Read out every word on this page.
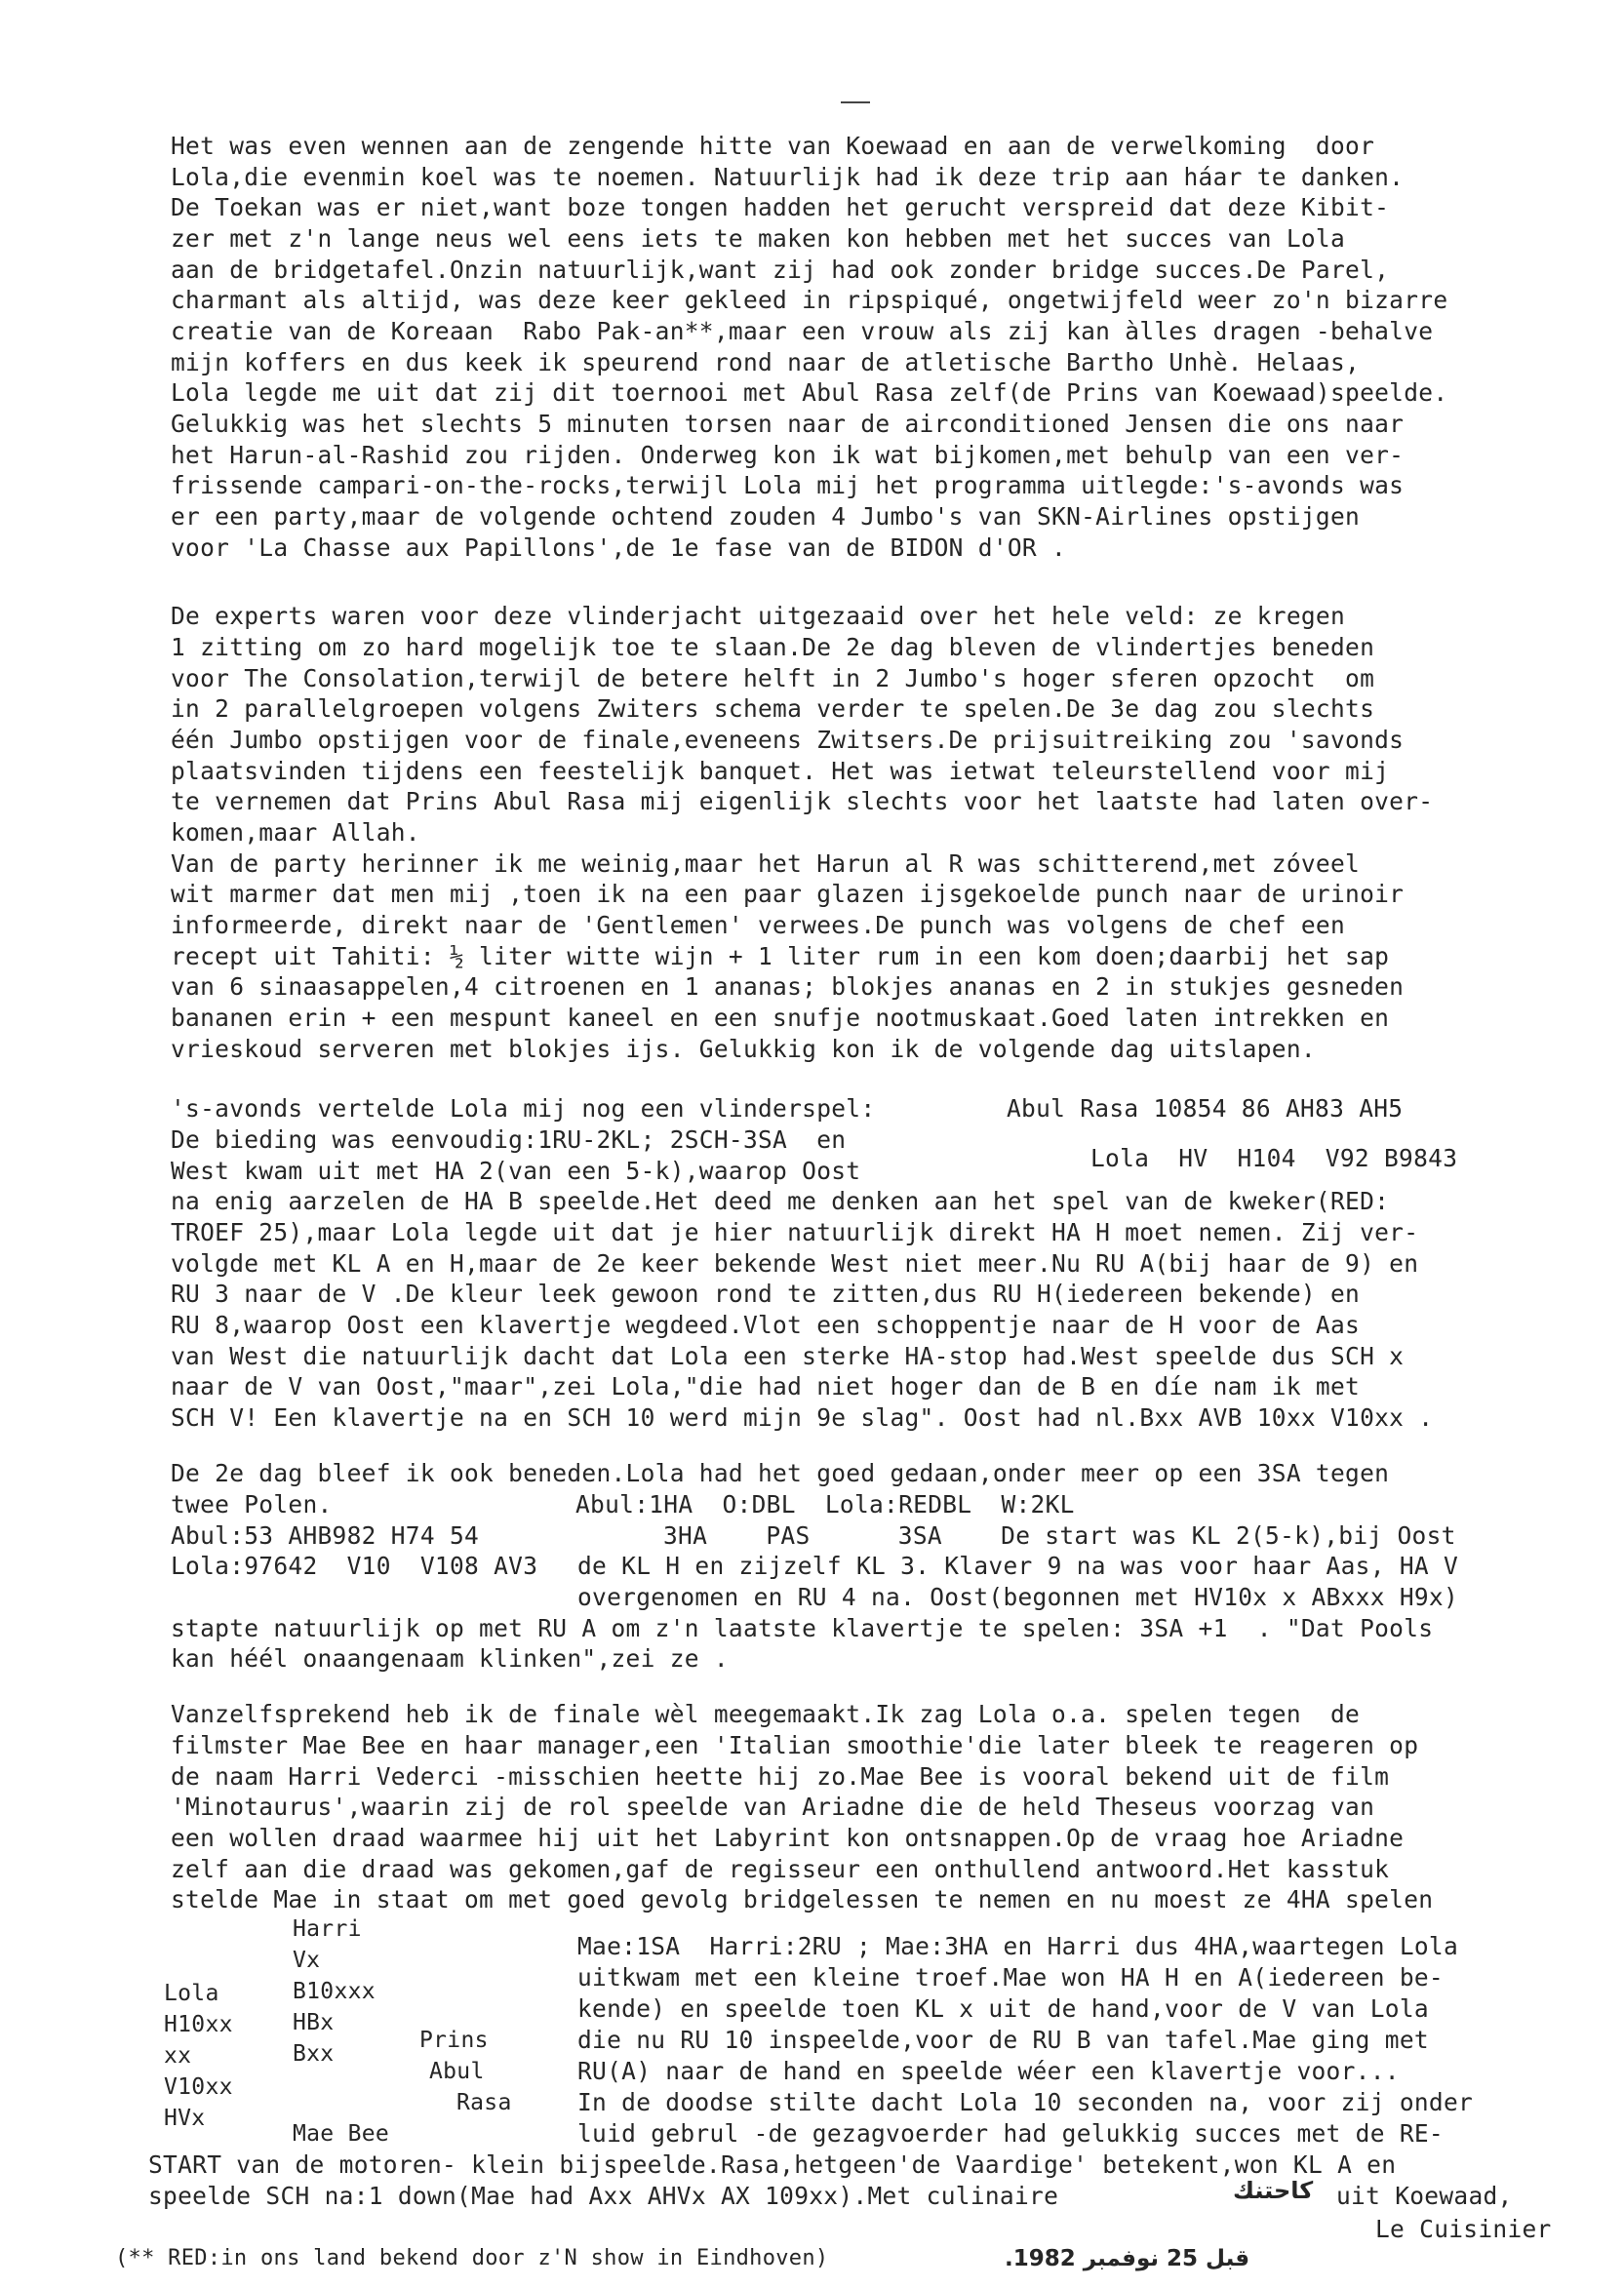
Het was even wennen aan de zengende hitte van Koewaad en aan de verwelkoming  door
Lola,die evenmin koel was te noemen. Natuurlijk had ik deze trip aan háar te danken.
De Toekan was er niet,want boze tongen hadden het gerucht verspreid dat deze Kibit-
zer met z'n lange neus wel eens iets te maken kon hebben met het succes van Lola
aan de bridgetafel.Onzin natuurlijk,want zij had ook zonder bridge succes.De Parel,
charmant als altijd, was deze keer gekleed in ripspiqué, ongetwijfeld weer zo'n bizarre
creatie van de Koreaan  Rabo Pak-an**,maar een vrouw als zij kan àlles dragen -behalve
mijn koffers en dus keek ik speurend rond naar de atletische Bartho Unhè. Helaas,
Lola legde me uit dat zij dit toernooi met Abul Rasa zelf(de Prins van Koewaad)speelde.
Gelukkig was het slechts 5 minuten torsen naar de airconditioned Jensen die ons naar
het Harun-al-Rashid zou rijden. Onderweg kon ik wat bijkomen,met behulp van een ver-
frissende campari-on-the-rocks,terwijl Lola mij het programma uitlegde:'s-avonds was
er een party,maar de volgende ochtend zouden 4 Jumbo's van SKN-Airlines opstijgen
voor 'La Chasse aux Papillons',de 1e fase van de BIDON d'OR .
De experts waren voor deze vlinderjacht uitgezaaid over het hele veld: ze kregen
1 zitting om zo hard mogelijk toe te slaan.De 2e dag bleven de vlindertjes beneden
voor The Consolation,terwijl de betere helft in 2 Jumbo's hoger sferen opzocht  om
in 2 parallelgroepen volgens Zwiters schema verder te spelen.De 3e dag zou slechts
één Jumbo opstijgen voor de finale,eveneens Zwitsers.De prijsuitreiking zou 'savonds
plaatsvinden tijdens een feestelijk banquet. Het was ietwat teleurstellend voor mij
te vernemen dat Prins Abul Rasa mij eigenlijk slechts voor het laatste had laten over-
komen,maar Allah.
Van de party herinner ik me weinig,maar het Harun al R was schitterend,met zóveel
wit marmer dat men mij ,toen ik na een paar glazen ijsgekoelde punch naar de urinoir
informeerde, direkt naar de 'Gentlemen' verwees.De punch was volgens de chef een
recept uit Tahiti: ½ liter witte wijn + 1 liter rum in een kom doen;daarbij het sap
van 6 sinaasappelen,4 citroenen en 1 ananas; blokjes ananas en 2 in stukjes gesneden
bananen erin + een mespunt kaneel en een snufje nootmuskaat.Goed laten intrekken en
vrieskoud serveren met blokjes ijs. Gelukkig kon ik de volgende dag uitslapen.
's-avonds vertelde Lola mij nog een vlinderspel:	Abul Rasa 10854 86 AH83 AH5
De bieding was eenvoudig:1RU-2KL; 2SCH-3SA  en
West kwam uit met HA 2(van een 5-k),waarop Oost	Lola  HV  H104  V92 B9843
na enig aarzelen de HA B speelde.Het deed me denken aan het spel van de kweker(RED:
TROEF 25),maar Lola legde uit dat je hier natuurlijk direkt HA H moet nemen. Zij ver-
volgde met KL A en H,maar de 2e keer bekende West niet meer.Nu RU A(bij haar de 9) en
RU 3 naar de V .De kleur leek gewoon rond te zitten,dus RU H(iedereen bekende) en
RU 8,waarop Oost een klavertje wegdeed.Vlot een schoppentje naar de H voor de Aas
van West die natuurlijk dacht dat Lola een sterke HA-stop had.West speelde dus SCH x
naar de V van Oost,"maar",zei Lola,"die had niet hoger dan de B en díe nam ik met
SCH V! Een klavertje na en SCH 10 werd mijn 9e slag". Oost had nl.Bxx AVB 10xx V10xx .
De 2e dag bleef ik ook beneden.Lola had het goed gedaan,onder meer op een 3SA tegen
twee Polen.	Abul:1HA  O:DBL  Lola:REDBL  W:2KL
Abul:53 AHB982 H74 54	3HA    PAS      3SA    De start was KL 2(5-k),bij Oost
Lola:97642  V10  V108 AV3 de KL H en zijzelf KL 3. Klaver 9 na was voor haar Aas, HA V
overgenomen en RU 4 na. Oost(begonnen met HV10x x ABxxx H9x)
stapte natuurlijk op met RU A om z'n laatste klavertje te spelen: 3SA +1  . "Dat Pools
kan héél onaangenaam klinken",zei ze .
Vanzelfsprekend heb ik de finale wèl meegemaakt.Ik zag Lola o.a. spelen tegen  de
filmster Mae Bee en haar manager,een 'Italian smoothie'die later bleek te reageren op
de naam Harri Vederci -misschien heette hij zo.Mae Bee is vooral bekend uit de film
'Minotaurus',waarin zij de rol speelde van Ariadne die de held Theseus voorzag van
een wollen draad waarmee hij uit het Labyrint kon ontsnappen.Op de vraag hoe Ariadne
zelf aan die draad was gekomen,gaf de regisseur een onthullend antwoord.Het kasstuk
stelde Mae in staat om met goed gevolg bridgelessen te nemen en nu moest ze 4HA spelen
Harri
Vx
B10xxx
HBx
Bxx
Lola
H10xx
xx
V10xx
HVx
Prins
Abul
Rasa
Mae Bee
Mae:1SA  Harri:2RU ; Mae:3HA en Harri dus 4HA,waartegen Lola
uitkwam met een kleine troef.Mae won HA H en A(iedereen be-
kende) en speelde toen KL x uit de hand,voor de V van Lola
die nu RU 10 inspeelde,voor de RU B van tafel.Mae ging met
RU(A) naar de hand en speelde wéer een klavertje voor...
In de doodse stilte dacht Lola 10 seconden na, voor zij onder
luid gebrul -de gezagvoerder had gelukkig succes met de RE-
START van de motoren- klein bijspeelde.Rasa,hetgeen'de Vaardige' betekent,won KL A en
speelde SCH na:1 down(Mae had Axx AHVx AX 109xx).Met culinaire	كاحتنك uit Koewaad,
Le Cuisinier
(** RED:in ons land bekend door z'N show in Eindhoven)	قبل 25 نوفمبر 1982.
